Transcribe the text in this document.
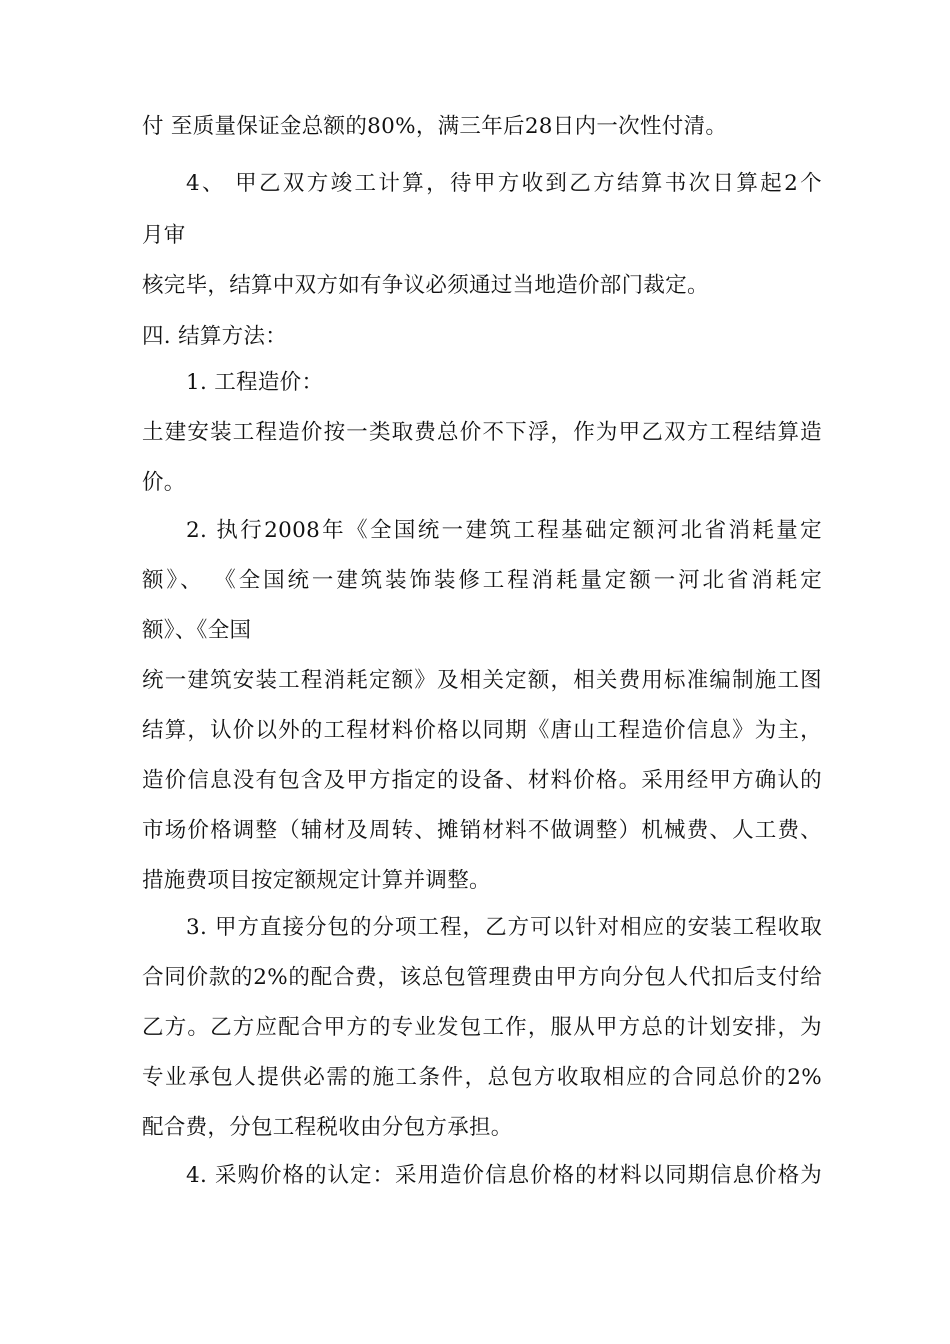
付 至质量保证金总额的80%，满三年后28日内一次性付清。
4、 甲乙双方竣工计算，待甲方收到乙方结算书次日算起2个
月审
核完毕，结算中双方如有争议必须通过当地造价部门裁定。
四. 结算方法：
1. 工程造价：
土建安装工程造价按一类取费总价不下浮，作为甲乙双方工程结算造
价。
2. 执行2008年《全国统一建筑工程基础定额河北省消耗量定
额》、 《全国统一建筑装饰装修工程消耗量定额一河北省消耗定
额》、《全国
统一建筑安装工程消耗定额》及相关定额，相关费用标准编制施工图
结算，认价以外的工程材料价格以同期《唐山工程造价信息》为主，
造价信息没有包含及甲方指定的设备、材料价格。采用经甲方确认的
市场价格调整（辅材及周转、摊销材料不做调整）机械费、人工费、
措施费项目按定额规定计算并调整。
3. 甲方直接分包的分项工程，乙方可以针对相应的安装工程收取
合同价款的2%的配合费，该总包管理费由甲方向分包人代扣后支付给
乙方。乙方应配合甲方的专业发包工作，服从甲方总的计划安排，为
专业承包人提供必需的施工条件，总包方收取相应的合同总价的2%
配合费，分包工程税收由分包方承担。
4. 采购价格的认定：采用造价信息价格的材料以同期信息价格为
